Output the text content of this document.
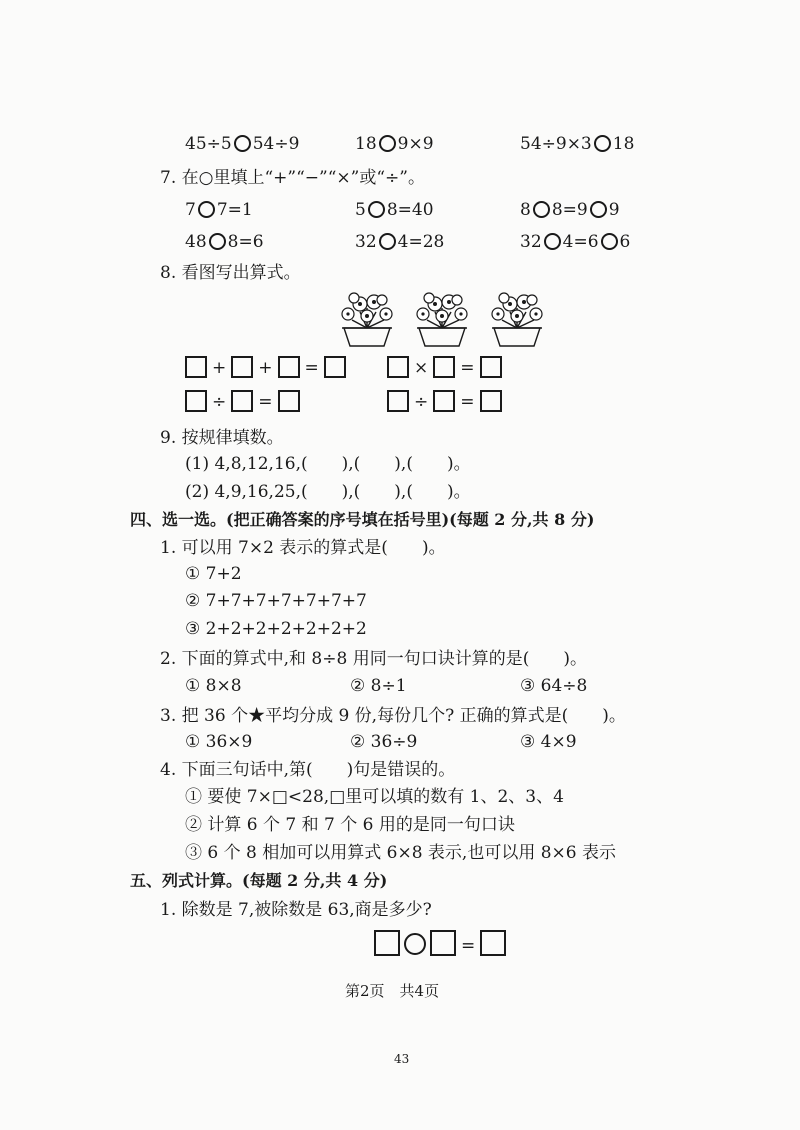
45÷5 54÷9	18 9×9	54÷9×3 18
7. 在○里填上“+”“−”“×”或“÷”。
7 7=1	5 8=40	8 8=9 9
48 8=6	32 4=28	32 4=6 6
8. 看图写出算式。
+ + =	× =
÷ =	÷ =
9. 按规律填数。
(1) 4,8,12,16,(　　),(　　),(　　)。
(2) 4,9,16,25,(　　),(　　),(　　)。
四、选一选。(把正确答案的序号填在括号里)(每题 2 分,共 8 分)
1. 可以用 7×2 表示的算式是(　　)。
① 7+2
② 7+7+7+7+7+7+7
③ 2+2+2+2+2+2+2
2. 下面的算式中,和 8÷8 用同一句口诀计算的是(　　)。
① 8×8	② 8÷1	③ 64÷8
3. 把 36 个★平均分成 9 份,每份几个? 正确的算式是(　　)。
① 36×9	② 36÷9	③ 4×9
4. 下面三句话中,第(　　)句是错误的。
① 要使 7×□<28,□里可以填的数有 1、2、3、4
② 计算 6 个 7 和 7 个 6 用的是同一句口诀
③ 6 个 8 相加可以用算式 6×8 表示,也可以用 8×6 表示
五、列式计算。(每题 2 分,共 4 分)
1. 除数是 7,被除数是 63,商是多少?
=
第2页　共4页
43
